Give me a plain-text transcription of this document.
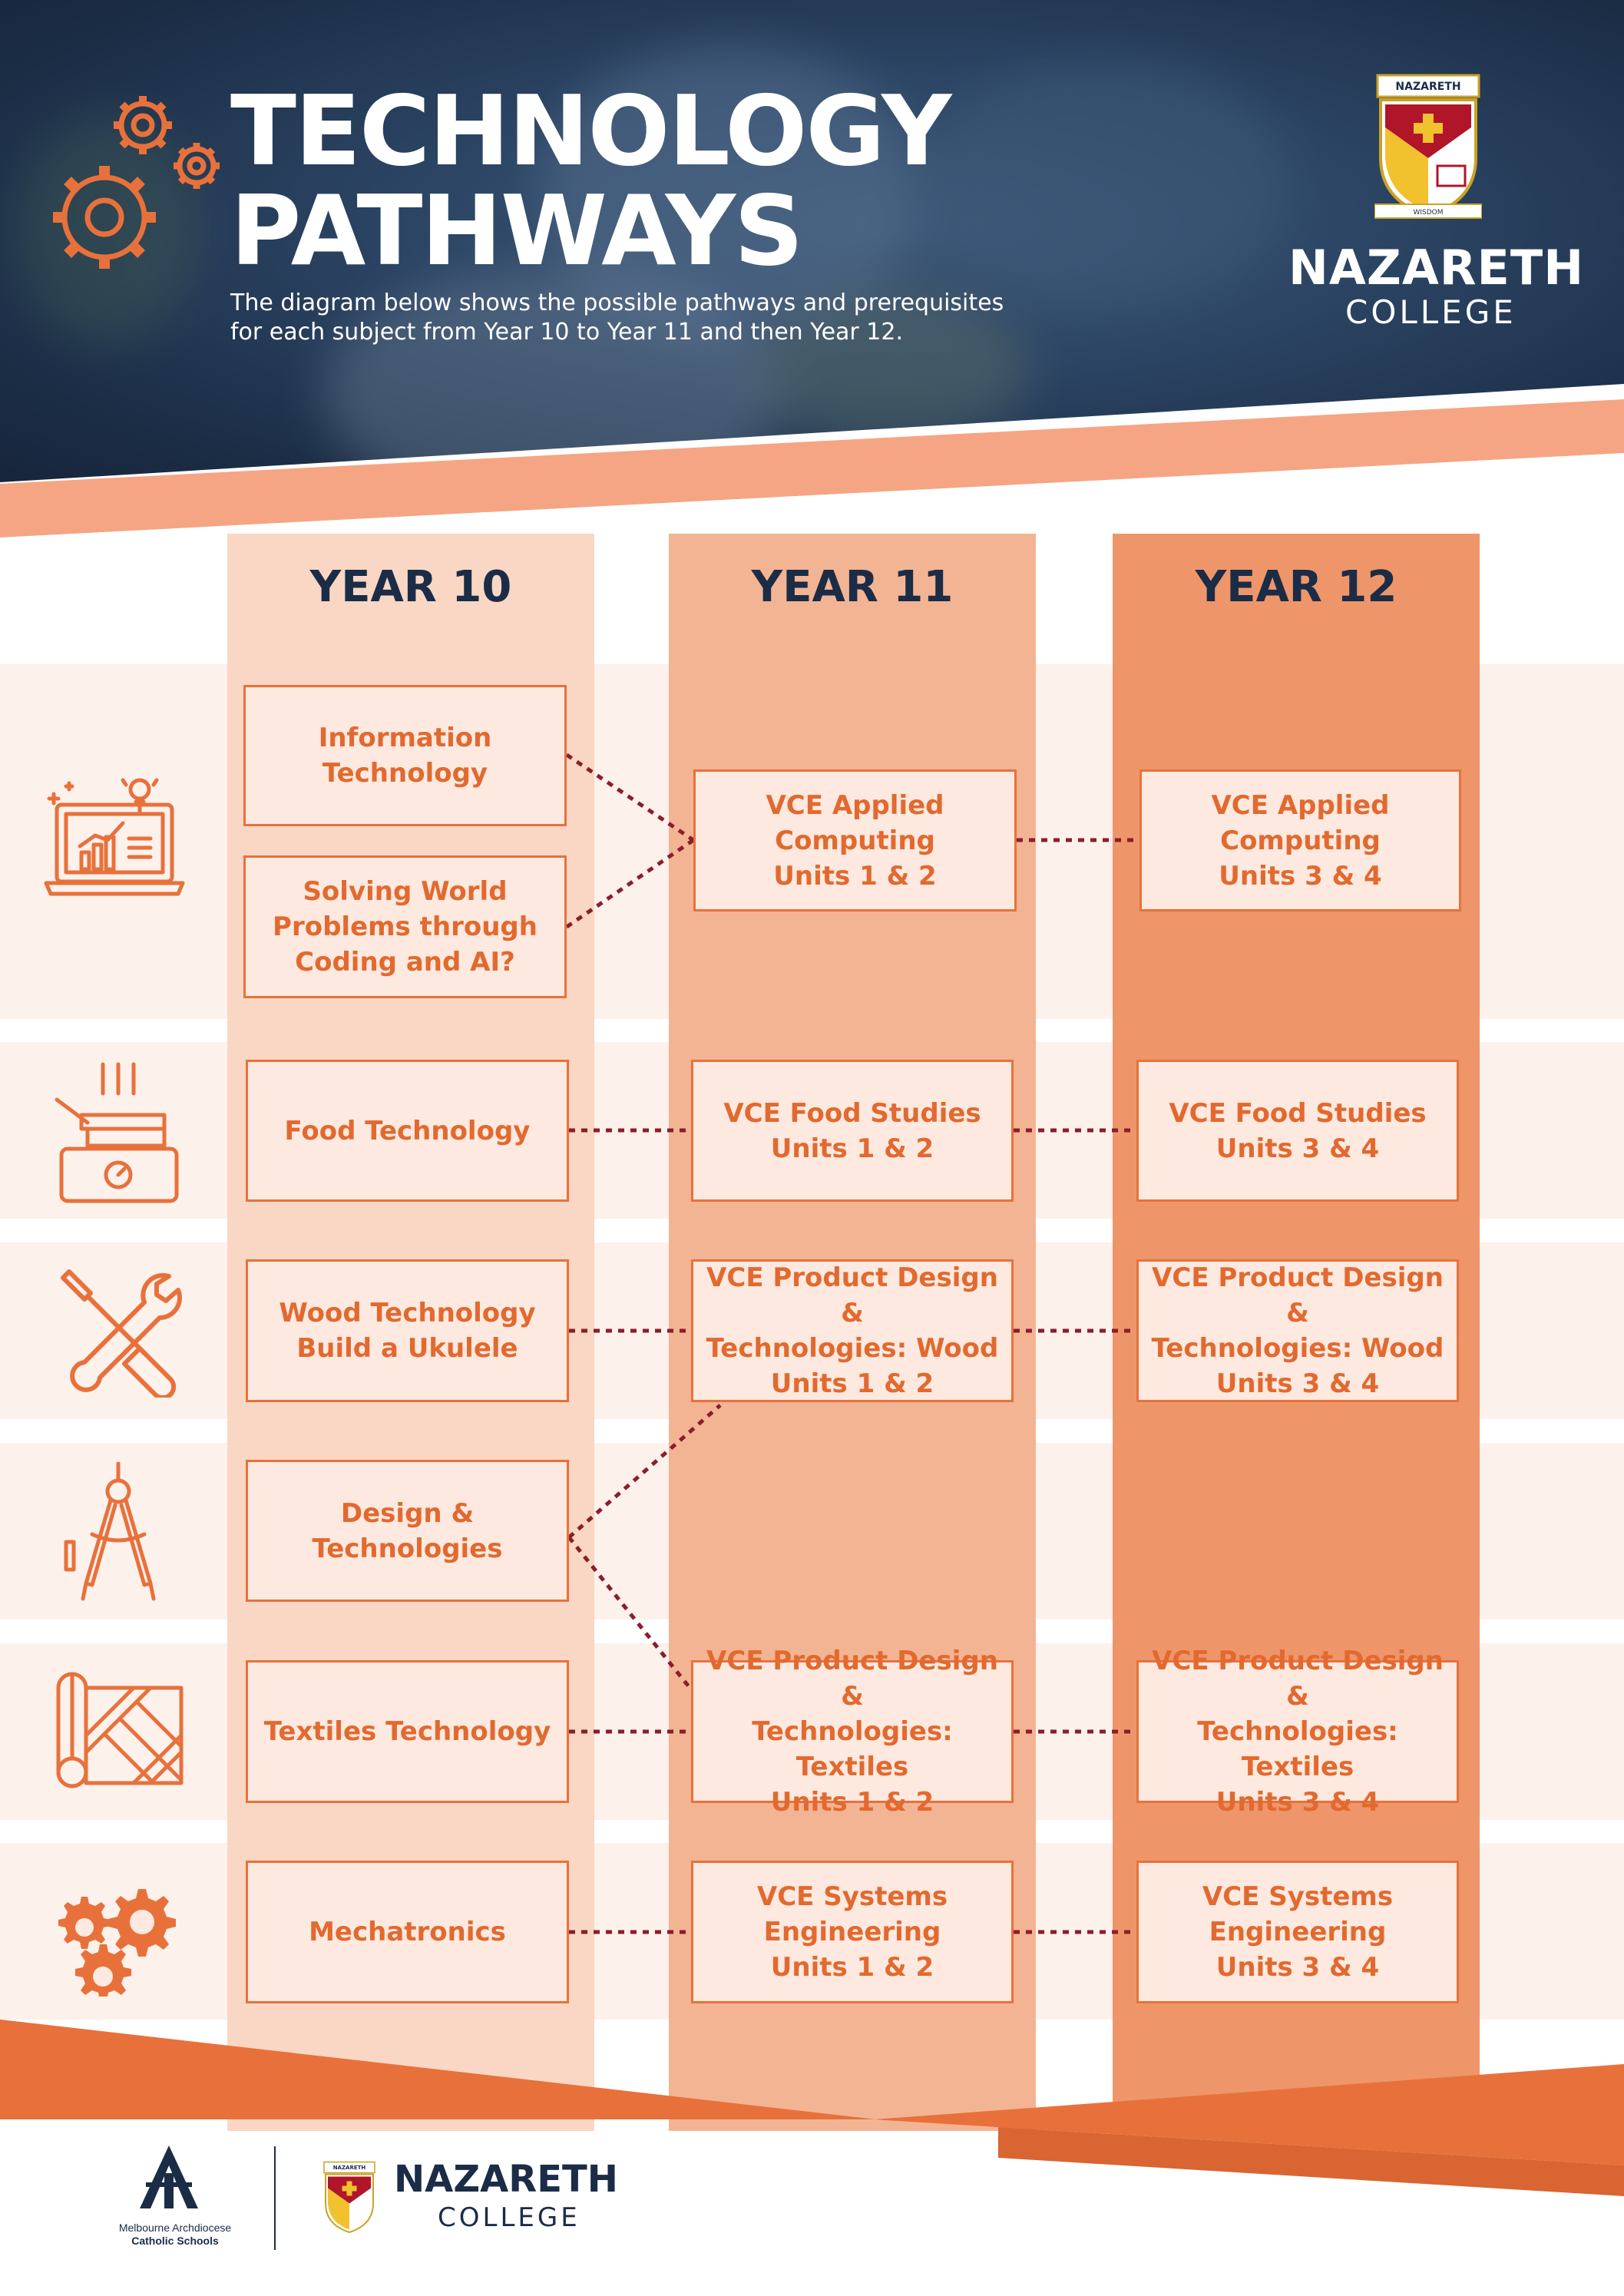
TECHNOLOGY
PATHWAYS
The diagram below shows the possible pathways and prerequisites
for each subject from Year 10 to Year 11 and then Year 12.
WISDOM
NAZARETH
NAZARETH
COLLEGE
YEAR 10	YEAR 11	YEAR 12
Information
Technology
Solving World
Problems through
Coding and AI?
VCE Applied Computing
Units 1 & 2
VCE Applied Computing
Units 3 & 4
Food Technology
VCE Food Studies
Units 1 & 2
VCE Food Studies
Units 3 & 4
Wood Technology
Build a Ukulele
VCE Product Design &
Technologies: Wood
Units 1 & 2
VCE Product Design &
Technologies: Wood
Units 3 & 4
Design & Technologies
Textiles Technology
VCE Product Design &
Technologies: Textiles
Units 1 & 2
VCE Product Design &
Technologies: Textiles
Units 3 & 4
Mechatronics
VCE Systems
Engineering
Units 1 & 2
VCE Systems
Engineering
Units 3 & 4
Melbourne Archdiocese
Catholic Schools
NAZARETH NAZARETH
COLLEGE
